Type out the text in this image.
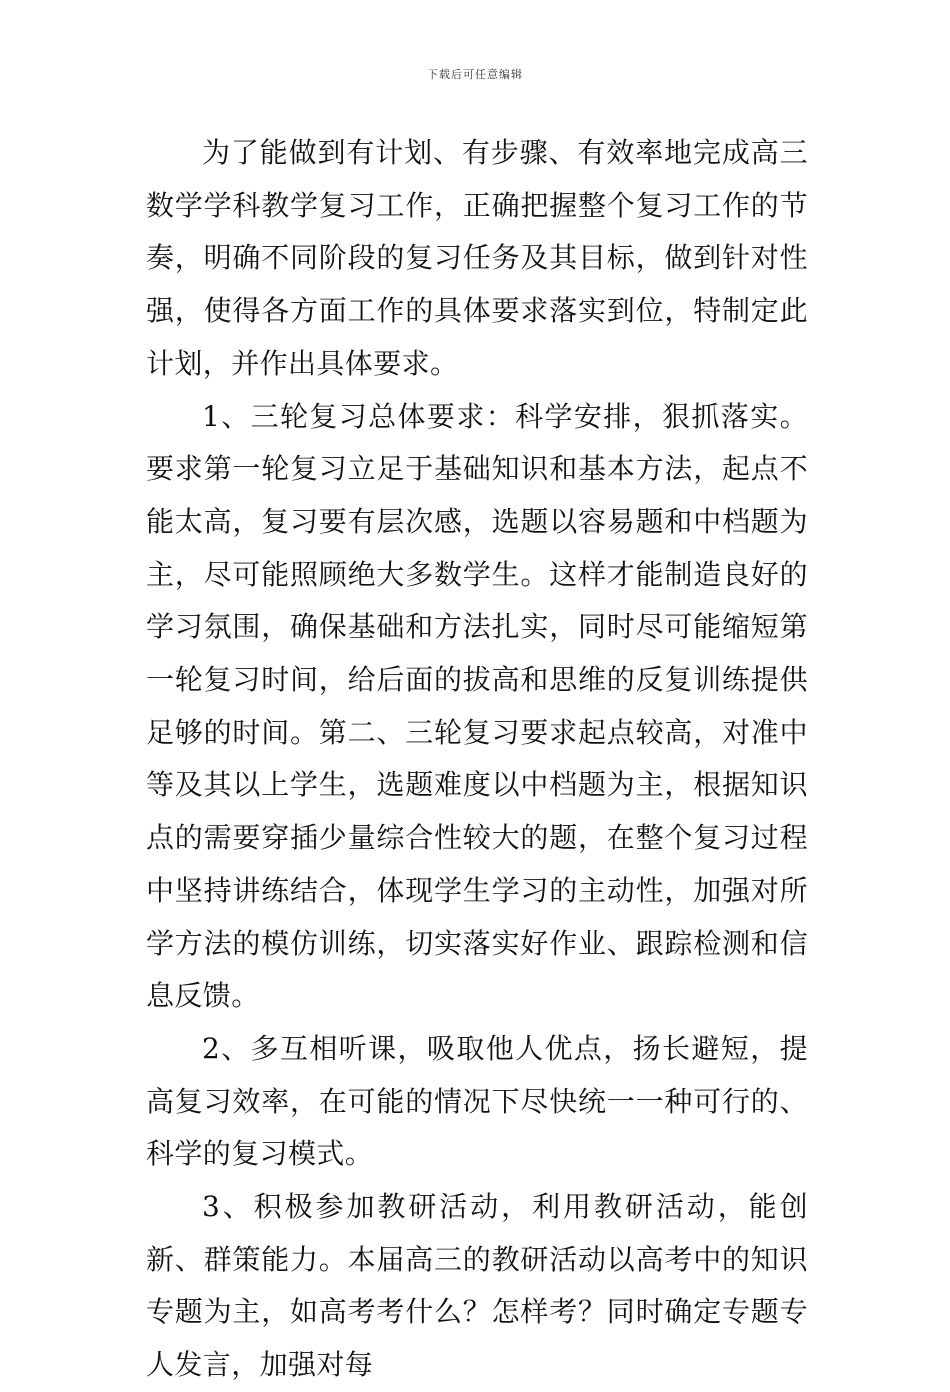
下载后可任意编辑

为了能做到有计划、有步骤、有效率地完成高三数学学科教学复习工作，正确把握整个复习工作的节奏，明确不同阶段的复习任务及其目标，做到针对性强，使得各方面工作的具体要求落实到位，特制定此计划，并作出具体要求。

1、三轮复习总体要求：科学安排，狠抓落实。要求第一轮复习立足于基础知识和基本方法，起点不能太高，复习要有层次感，选题以容易题和中档题为主，尽可能照顾绝大多数学生。这样才能制造良好的学习氛围，确保基础和方法扎实，同时尽可能缩短第一轮复习时间，给后面的拔高和思维的反复训练提供足够的时间。第二、三轮复习要求起点较高，对准中等及其以上学生，选题难度以中档题为主，根据知识点的需要穿插少量综合性较大的题，在整个复习过程中坚持讲练结合，体现学生学习的主动性，加强对所学方法的模仿训练，切实落实好作业、跟踪检测和信息反馈。

2、多互相听课，吸取他人优点，扬长避短，提高复习效率，在可能的情况下尽快统一一种可行的、科学的复习模式。

3、积极参加教研活动，利用教研活动，能创新、群策能力。本届高三的教研活动以高考中的知识专题为主，如高考考什么？怎样考？同时确定专题专人发言，加强对每
